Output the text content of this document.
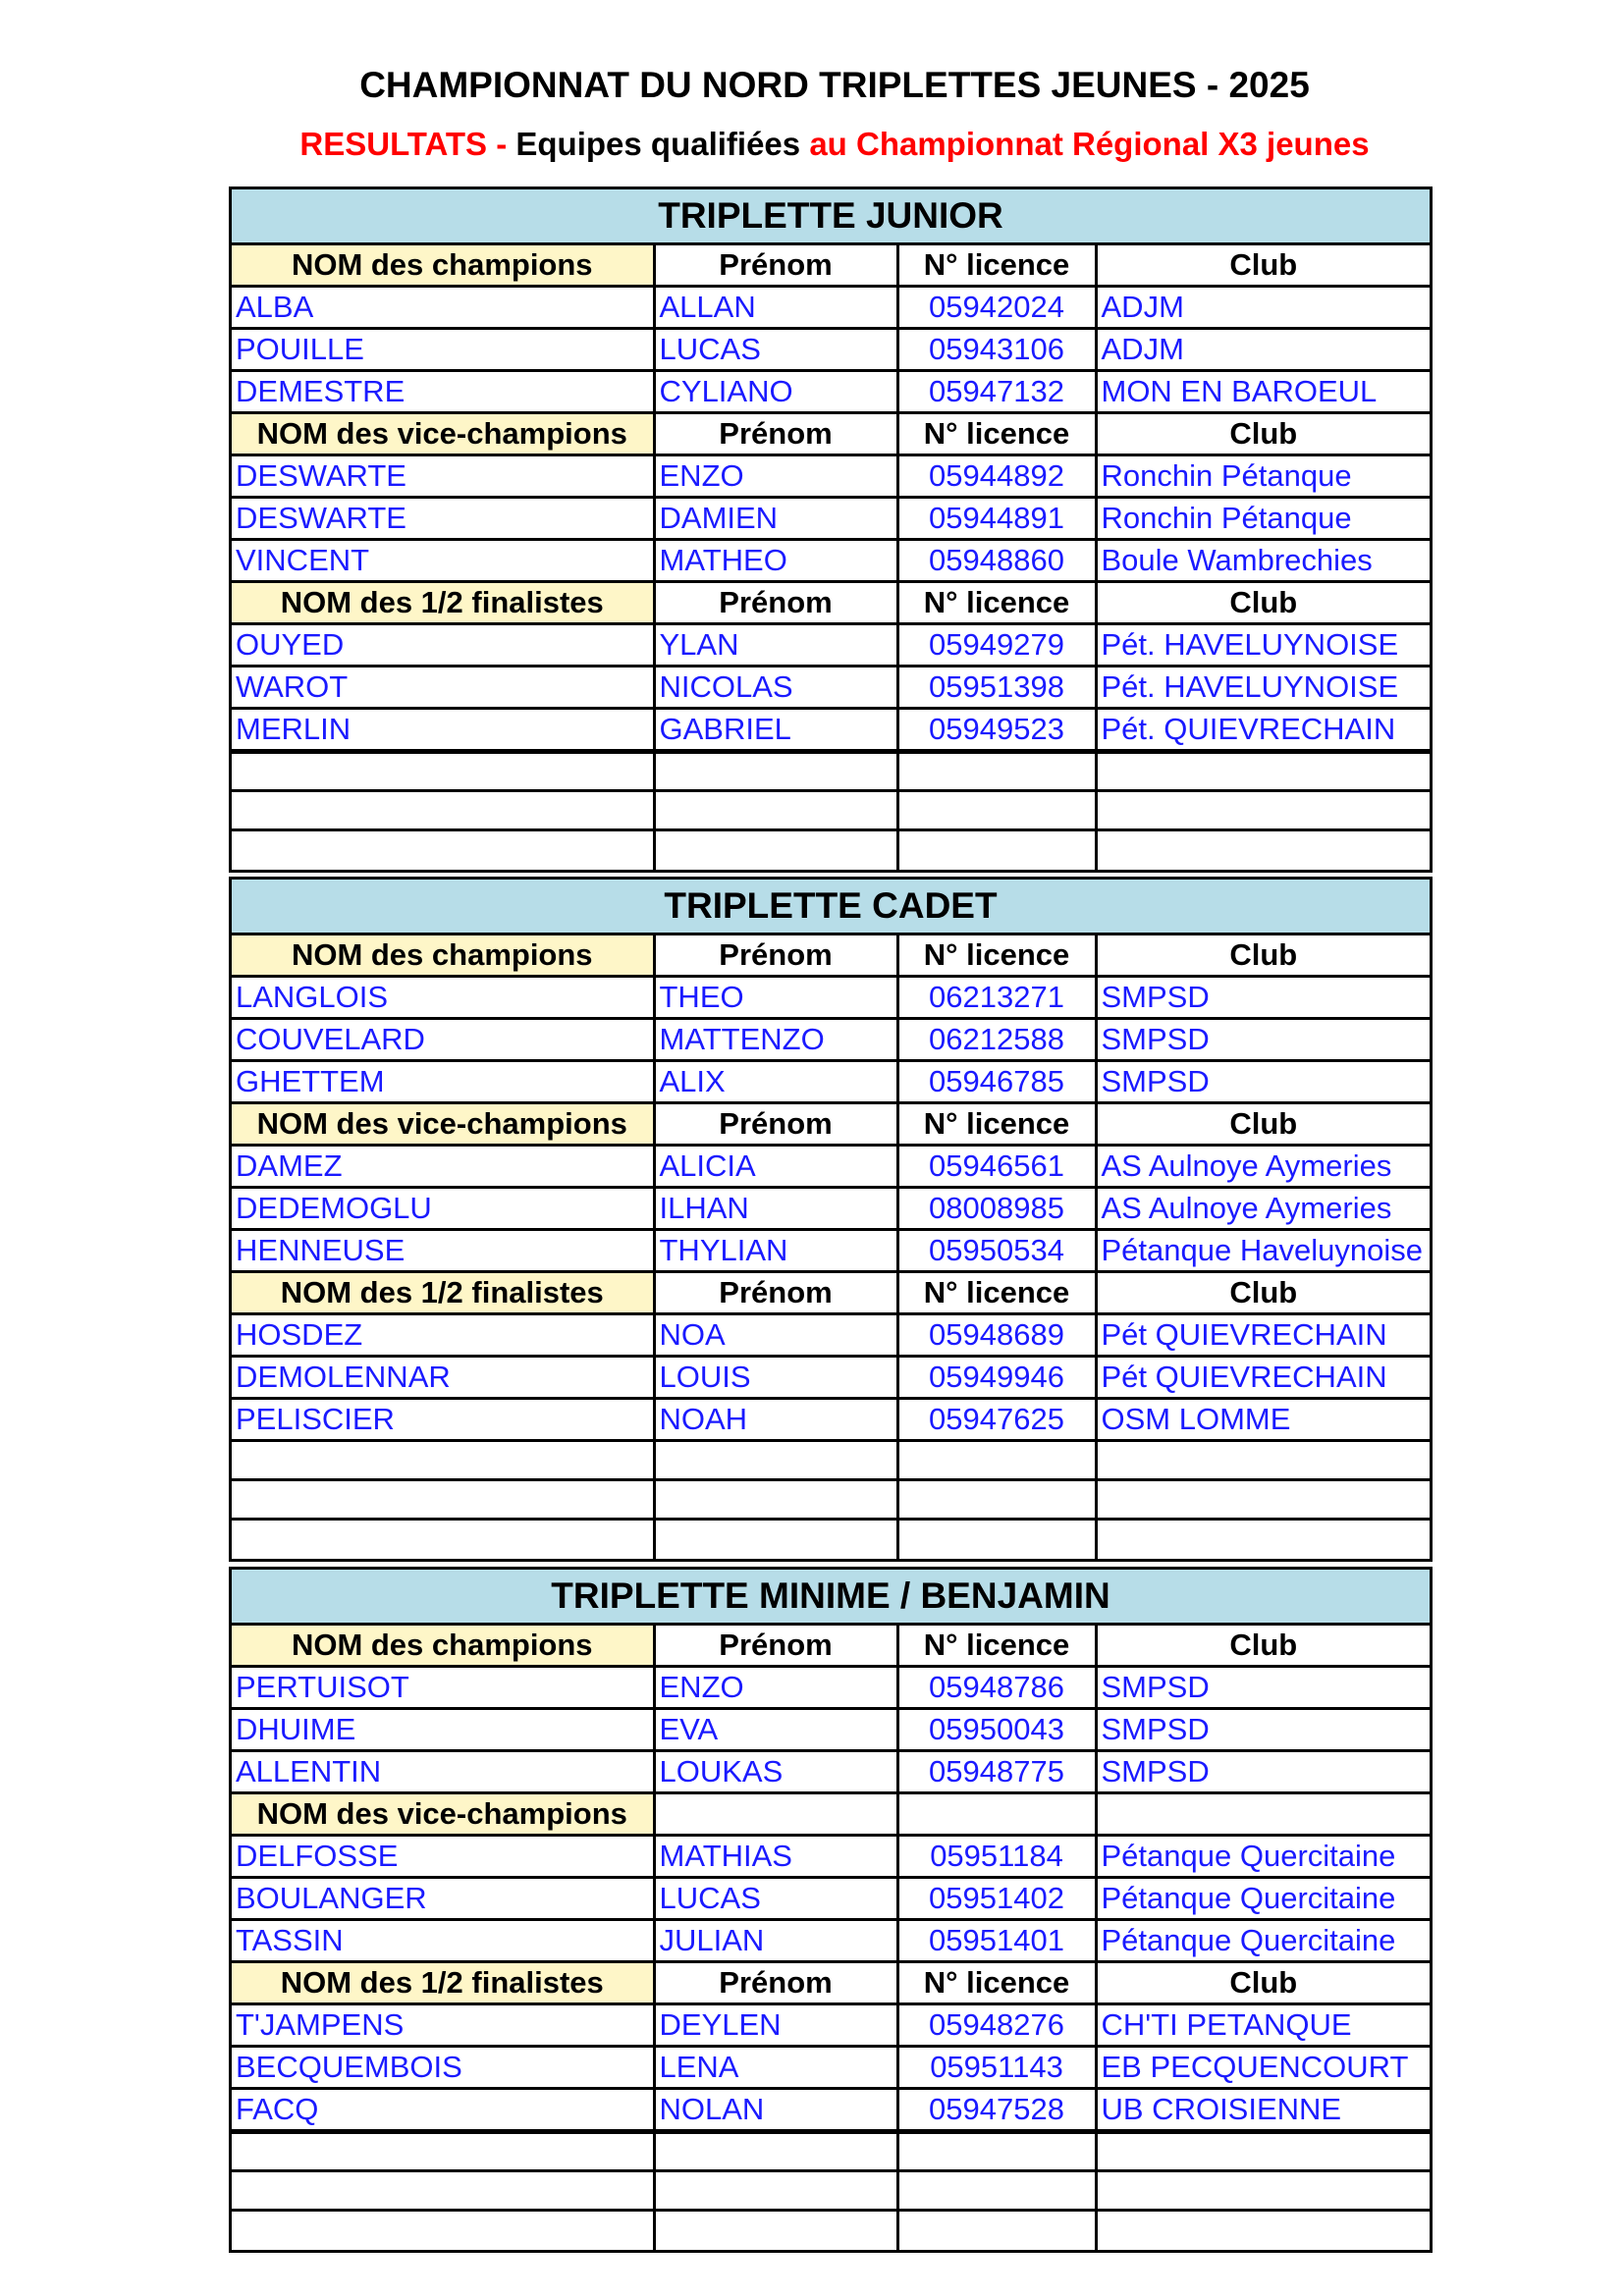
CHAMPIONNAT DU NORD TRIPLETTES JEUNES - 2025
RESULTATS - Equipes qualifiées au Championnat Régional X3 jeunes
TRIPLETTE JUNIOR
NOM des champions	Prénom	N° licence	Club
ALBA	ALLAN	05942024	ADJM
POUILLE	LUCAS	05943106	ADJM
DEMESTRE	CYLIANO	05947132	MON EN BAROEUL
NOM des vice-champions	Prénom	N° licence	Club
DESWARTE	ENZO	05944892	Ronchin Pétanque
DESWARTE	DAMIEN	05944891	Ronchin Pétanque
VINCENT	MATHEO	05948860	Boule Wambrechies
NOM des 1/2 finalistes	Prénom	N° licence	Club
OUYED	YLAN	05949279	Pét. HAVELUYNOISE
WAROT	NICOLAS	05951398	Pét. HAVELUYNOISE
MERLIN	GABRIEL	05949523	Pét. QUIEVRECHAIN

TRIPLETTE CADET
NOM des champions	Prénom	N° licence	Club
LANGLOIS	THEO	06213271	SMPSD
COUVELARD	MATTENZO	06212588	SMPSD
GHETTEM	ALIX	05946785	SMPSD
NOM des vice-champions	Prénom	N° licence	Club
DAMEZ	ALICIA	05946561	AS Aulnoye Aymeries
DEDEMOGLU	ILHAN	08008985	AS Aulnoye Aymeries
HENNEUSE	THYLIAN	05950534	Pétanque Haveluynoise
NOM des 1/2 finalistes	Prénom	N° licence	Club
HOSDEZ	NOA	05948689	Pét QUIEVRECHAIN
DEMOLENNAR	LOUIS	05949946	Pét QUIEVRECHAIN
PELISCIER	NOAH	05947625	OSM LOMME

TRIPLETTE MINIME / BENJAMIN
NOM des champions	Prénom	N° licence	Club
PERTUISOT	ENZO	05948786	SMPSD
DHUIME	EVA	05950043	SMPSD
ALLENTIN	LOUKAS	05948775	SMPSD
NOM des vice-champions			
DELFOSSE	MATHIAS	05951184	Pétanque Quercitaine
BOULANGER	LUCAS	05951402	Pétanque Quercitaine
TASSIN	JULIAN	05951401	Pétanque Quercitaine
NOM des 1/2 finalistes	Prénom	N° licence	Club
T'JAMPENS	DEYLEN	05948276	CH'TI PETANQUE
BECQUEMBOIS	LENA	05951143	EB PECQUENCOURT
FACQ	NOLAN	05947528	UB CROISIENNE
